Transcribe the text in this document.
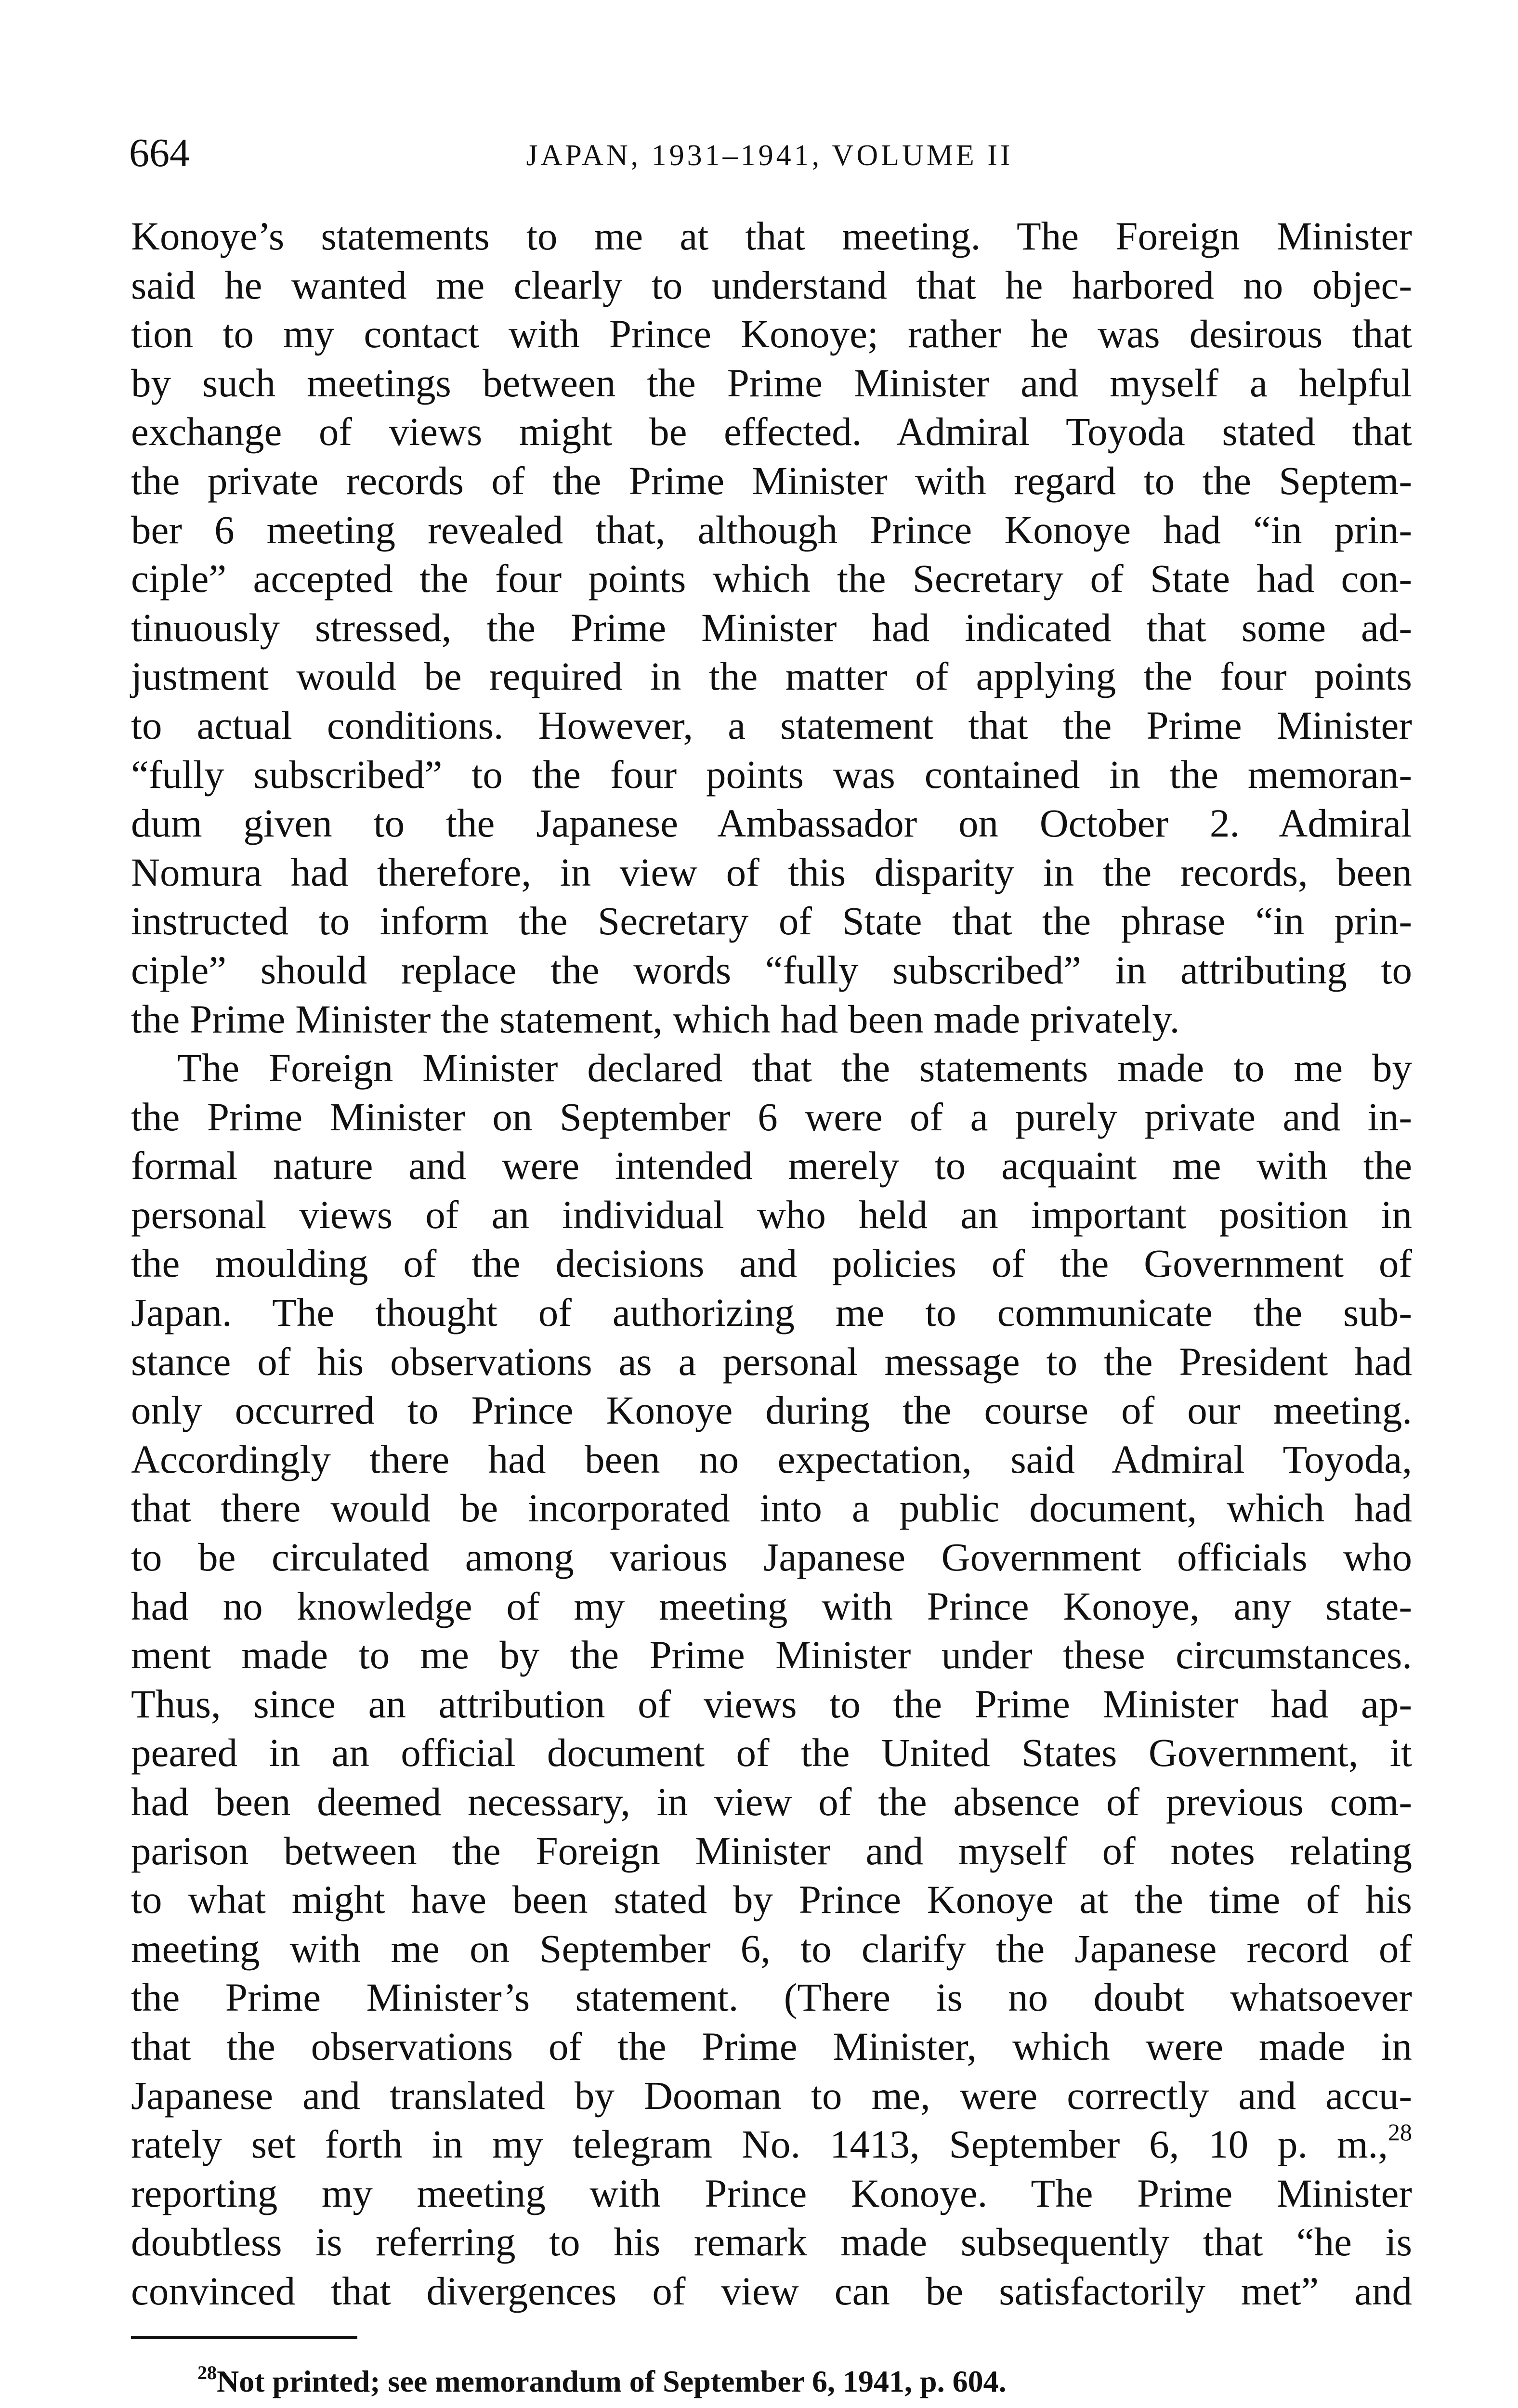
664	JAPAN, 1931–1941, VOLUME II

Konoye’s statements to me at that meeting. The Foreign Minister
said he wanted me clearly to understand that he harbored no objec-
tion to my contact with Prince Konoye; rather he was desirous that
by such meetings between the Prime Minister and myself a helpful
exchange of views might be effected. Admiral Toyoda stated that
the private records of the Prime Minister with regard to the Septem-
ber 6 meeting revealed that, although Prince Konoye had “in prin-
ciple” accepted the four points which the Secretary of State had con-
tinuously stressed, the Prime Minister had indicated that some ad-
justment would be required in the matter of applying the four points
to actual conditions. However, a statement that the Prime Minister
“fully subscribed” to the four points was contained in the memoran-
dum given to the Japanese Ambassador on October 2. Admiral
Nomura had therefore, in view of this disparity in the records, been
instructed to inform the Secretary of State that the phrase “in prin-
ciple” should replace the words “fully subscribed” in attributing to
the Prime Minister the statement, which had been made privately.

The Foreign Minister declared that the statements made to me by
the Prime Minister on September 6 were of a purely private and in-
formal nature and were intended merely to acquaint me with the
personal views of an individual who held an important position in
the moulding of the decisions and policies of the Government of
Japan. The thought of authorizing me to communicate the sub-
stance of his observations as a personal message to the President had
only occurred to Prince Konoye during the course of our meeting.
Accordingly there had been no expectation, said Admiral Toyoda,
that there would be incorporated into a public document, which had
to be circulated among various Japanese Government officials who
had no knowledge of my meeting with Prince Konoye, any state-
ment made to me by the Prime Minister under these circumstances.
Thus, since an attribution of views to the Prime Minister had ap-
peared in an official document of the United States Government, it
had been deemed necessary, in view of the absence of previous com-
parison between the Foreign Minister and myself of notes relating
to what might have been stated by Prince Konoye at the time of his
meeting with me on September 6, to clarify the Japanese record of
the Prime Minister’s statement. (There is no doubt whatsoever
that the observations of the Prime Minister, which were made in
Japanese and translated by Dooman to me, were correctly and accu-
rately set forth in my telegram No. 1413, September 6, 10 p. m.,$^{28}$
reporting my meeting with Prince Konoye. The Prime Minister
doubtless is referring to his remark made subsequently that “he is
convinced that divergences of view can be satisfactorily met” and

$^{28}$Not printed; see memorandum of September 6, 1941, p. 604.
